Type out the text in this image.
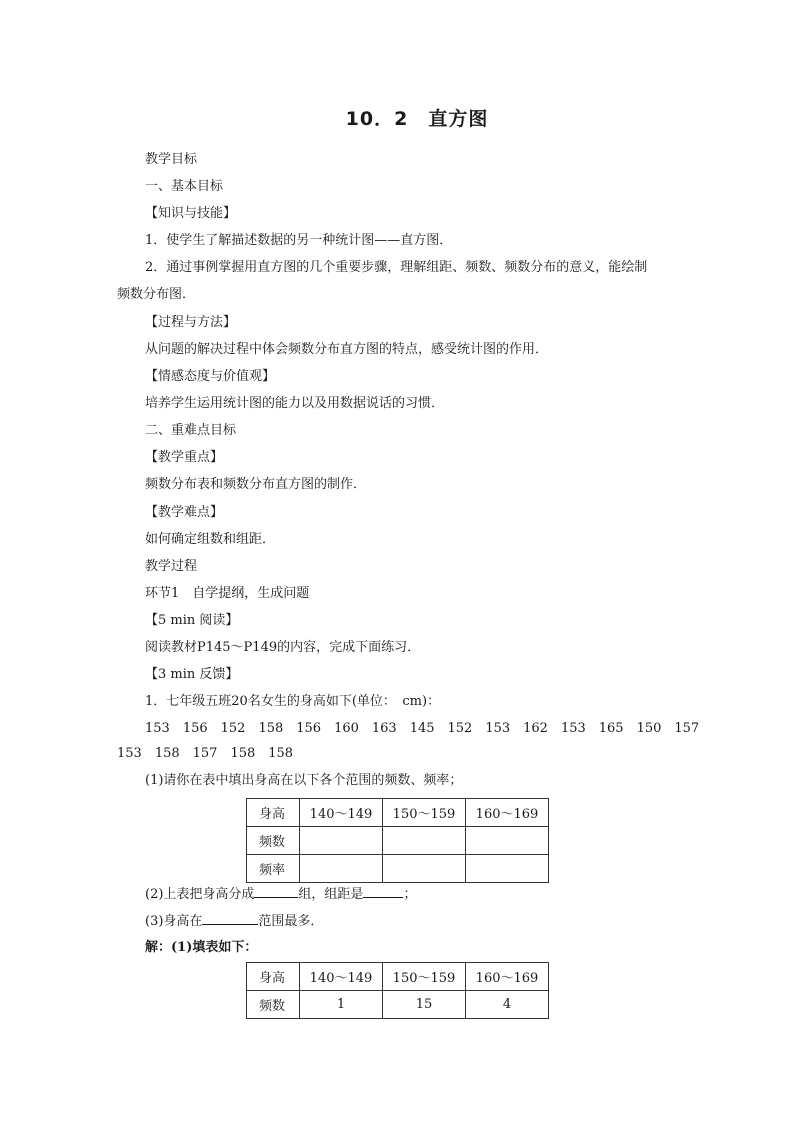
10．2　直方图
教学目标
一、基本目标
【知识与技能】
1．使学生了解描述数据的另一种统计图——直方图．
2．通过事例掌握用直方图的几个重要步骤，理解组距、频数、频数分布的意义，能绘制
频数分布图．
【过程与方法】
从问题的解决过程中体会频数分布直方图的特点，感受统计图的作用．
【情感态度与价值观】
培养学生运用统计图的能力以及用数据说话的习惯．
二、重难点目标
【教学重点】
频数分布表和频数分布直方图的制作．
【教学难点】
如何确定组数和组距．
教学过程
环节1　自学提纲，生成问题
【5 min 阅读】
阅读教材P145～P149的内容，完成下面练习．
【3 min 反馈】
1．七年级五班20名女生的身高如下(单位：　cm)：
153　156　152　158　156　160　163　145　152　153　162　153　165　150　157
153　158　157　158　158
(1)请你在表中填出身高在以下各个范围的频数、频率；
身高	140～149	150～159	160～169
频数			
频率			
(2)上表把身高分成	组，组距是	；
(3)身高在	范围最多．
解：(1)填表如下：
身高	140～149	150～159	160～169
频数	1	15	4
